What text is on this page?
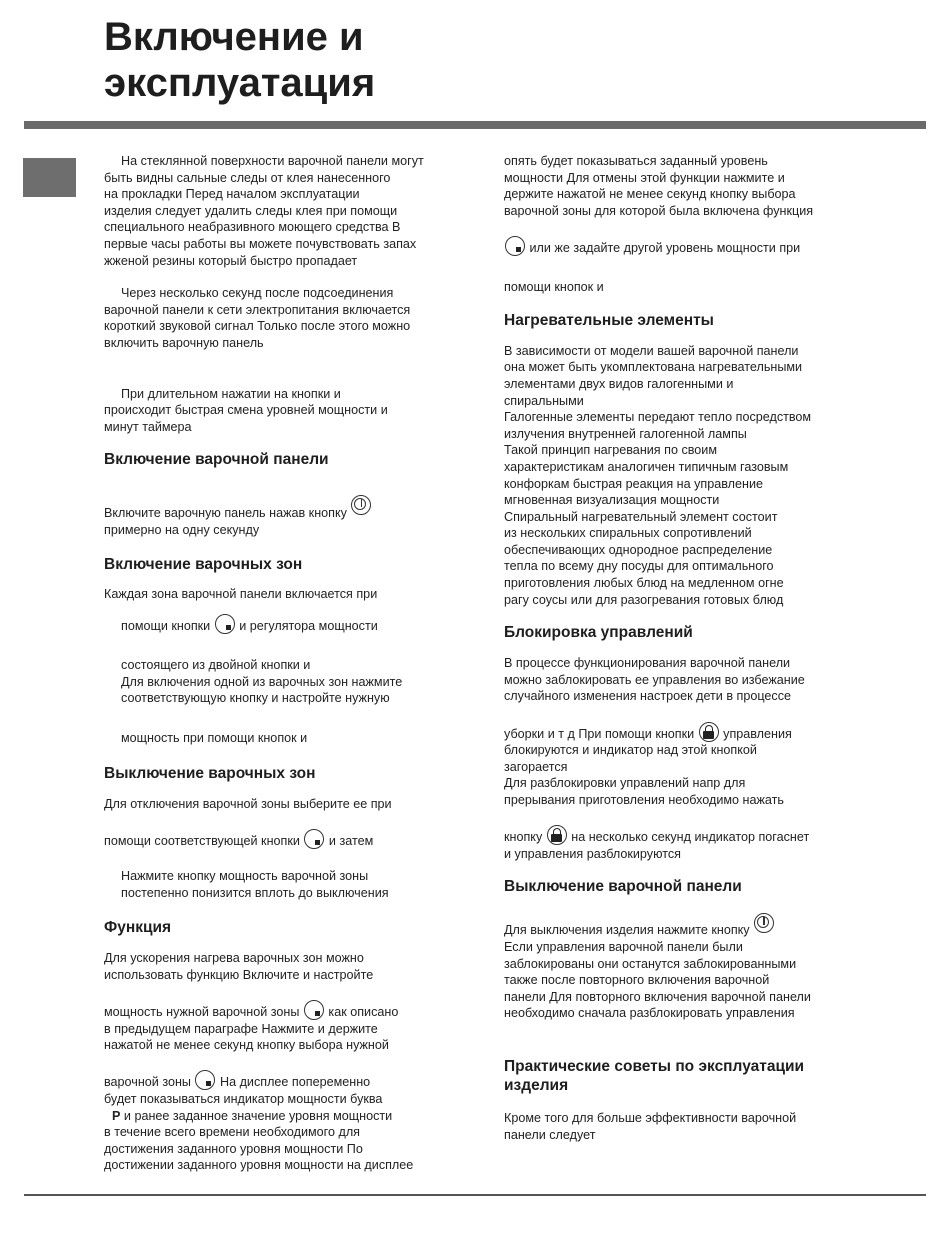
Включение и
эксплуатация

На стеклянной поверхности варочной панели могут
быть видны сальные следы от клея нанесенного
на прокладки Перед началом эксплуатации
изделия следует удалить следы клея при помощи
специального неабразивного моющего средства В
первые часы работы вы можете почувствовать запах
жженой резины который быстро пропадает

Через несколько секунд после подсоединения
варочной панели к сети электропитания включается
короткий звуковой сигнал Только после этого можно
включить варочную панель

При длительном нажатии на кнопки и
происходит быстрая смена уровней мощности и
минут таймера

Включение варочной панели

Включите варочную панель нажав кнопку
примерно на одну секунду

Включение варочных зон

Каждая зона варочной панели включается при

помощи кнопки и регулятора мощности

состоящего из двойной кнопки и
Для включения одной из варочных зон нажмите
соответствующую кнопку и настройте нужную

мощность при помощи кнопок и

Выключение варочных зон

Для отключения варочной зоны выберите ее при

помощи соответствующей кнопки и затем

Нажмите кнопку мощность варочной зоны
постепенно понизится вплоть до выключения

Функция

Для ускорения нагрева варочных зон можно
использовать функцию Включите и настройте

мощность нужной варочной зоны как описано
в предыдущем параграфе Нажмите и держите
нажатой не менее секунд кнопку выбора нужной

варочной зоны На дисплее попеременно
будет показываться индикатор мощности буква
P и ранее заданное значение уровня мощности
в течение всего времени необходимого для
достижения заданного уровня мощности По
достижении заданного уровня мощности на дисплее

опять будет показываться заданный уровень
мощности Для отмены этой функции нажмите и
держите нажатой не менее секунд кнопку выбора
варочной зоны для которой была включена функция

или же задайте другой уровень мощности при

помощи кнопок и

Нагревательные элементы

В зависимости от модели вашей варочной панели
она может быть укомплектована нагревательными
элементами двух видов галогенными и
спиральными
Галогенные элементы передают тепло посредством
излучения внутренней галогенной лампы
Такой принцип нагревания по своим
характеристикам аналогичен типичным газовым
конфоркам быстрая реакция на управление
мгновенная визуализация мощности
Спиральный нагревательный элемент состоит
из нескольких спиральных сопротивлений
обеспечивающих однородное распределение
тепла по всему дну посуды для оптимального
приготовления любых блюд на медленном огне
рагу соусы или для разогревания готовых блюд

Блокировка управлений

В процессе функционирования варочной панели
можно заблокировать ее управления во избежание
случайного изменения настроек дети в процессе

уборки и т д При помощи кнопки управления
блокируются и индикатор над этой кнопкой
загорается
Для разблокировки управлений напр для
прерывания приготовления необходимо нажать

кнопку на несколько секунд индикатор погаснет
и управления разблокируются

Выключение варочной панели

Для выключения изделия нажмите кнопку
Если управления варочной панели были
заблокированы они останутся заблокированными
также после повторного включения варочной
панели Для повторного включения варочной панели
необходимо сначала разблокировать управления

Практические советы по эксплуатации изделия

Кроме того для больше эффективности варочной
панели следует
